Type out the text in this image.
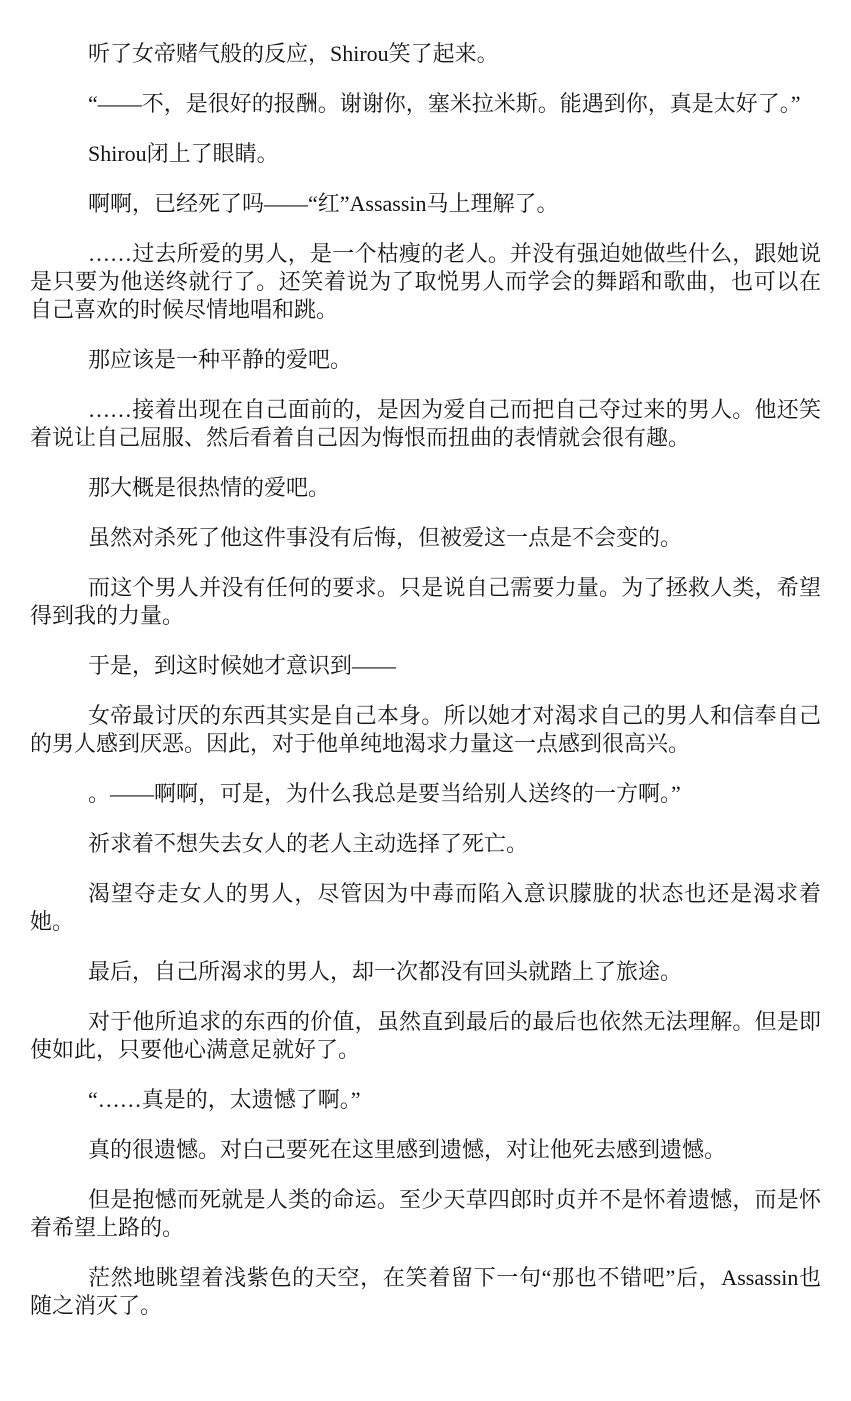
听了女帝赌气般的反应，Shirou笑了起来。

“——不，是很好的报酬。谢谢你，塞米拉米斯。能遇到你，真是太好了。”

Shirou闭上了眼睛。

啊啊，已经死了吗——“红”Assassin马上理解了。

……过去所爱的男人，是一个枯瘦的老人。并没有强迫她做些什么，跟她说是只要为他送终就行了。还笑着说为了取悦男人而学会的舞蹈和歌曲，也可以在自己喜欢的时候尽情地唱和跳。

那应该是一种平静的爱吧。

……接着出现在自己面前的，是因为爱自己而把自己夺过来的男人。他还笑着说让自己屈服、然后看着自己因为悔恨而扭曲的表情就会很有趣。

那大概是很热情的爱吧。

虽然对杀死了他这件事没有后悔，但被爱这一点是不会变的。

而这个男人并没有任何的要求。只是说自己需要力量。为了拯救人类，希望得到我的力量。

于是，到这时候她才意识到——

女帝最讨厌的东西其实是自己本身。所以她才对渴求自己的男人和信奉自己的男人感到厌恶。因此，对于他单纯地渴求力量这一点感到很高兴。

。——啊啊，可是，为什么我总是要当给别人送终的一方啊。”

祈求着不想失去女人的老人主动选择了死亡。

渴望夺走女人的男人，尽管因为中毒而陷入意识朦胧的状态也还是渴求着她。

最后，自己所渴求的男人，却一次都没有回头就踏上了旅途。

对于他所追求的东西的价值，虽然直到最后的最后也依然无法理解。但是即使如此，只要他心满意足就好了。

“……真是的，太遗憾了啊。”

真的很遗憾。对白己要死在这里感到遗憾，对让他死去感到遗憾。

但是抱憾而死就是人类的命运。至少天草四郎时贞并不是怀着遗憾，而是怀着希望上路的。

茫然地眺望着浅紫色的天空，在笑着留下一句“那也不错吧”后，Assassin也随之消灭了。
